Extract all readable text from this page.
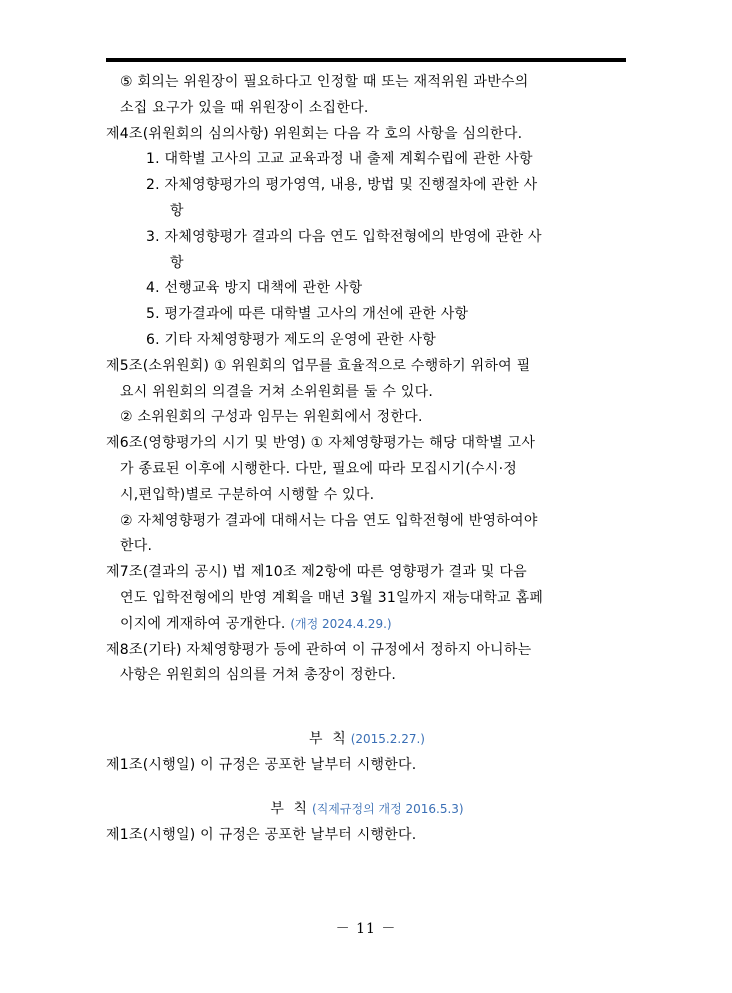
⑤ 회의는 위원장이 필요하다고 인정할 때 또는 재적위원 과반수의
소집 요구가 있을 때 위원장이 소집한다.
제4조(위원회의 심의사항) 위원회는 다음 각 호의 사항을 심의한다.
1. 대학별 고사의 고교 교육과정 내 출제 계획수립에 관한 사항
2. 자체영향평가의 평가영역, 내용, 방법 및 진행절차에 관한 사
항
3. 자체영향평가 결과의 다음 연도 입학전형에의 반영에 관한 사
항
4. 선행교육 방지 대책에 관한 사항
5. 평가결과에 따른 대학별 고사의 개선에 관한 사항
6. 기타 자체영향평가 제도의 운영에 관한 사항
제5조(소위원회) ① 위원회의 업무를 효율적으로 수행하기 위하여 필
요시 위원회의 의결을 거쳐 소위원회를 둘 수 있다.
② 소위원회의 구성과 임무는 위원회에서 정한다.
제6조(영향평가의 시기 및 반영) ① 자체영향평가는 해당 대학별 고사
가 종료된 이후에 시행한다. 다만, 필요에 따라 모집시기(수시·정
시,편입학)별로 구분하여 시행할 수 있다.
② 자체영향평가 결과에 대해서는 다음 연도 입학전형에 반영하여야
한다.
제7조(결과의 공시) 법 제10조 제2항에 따른 영향평가 결과 및 다음
연도 입학전형에의 반영 계획을 매년 3월 31일까지 재능대학교 홈페
이지에 게재하여 공개한다. (개정 2024.4.29.)
제8조(기타) 자체영향평가 등에 관하여 이 규정에서 정하지 아니하는
사항은 위원회의 심의를 거쳐 총장이 정한다.
부  칙 (2015.2.27.)
제1조(시행일) 이 규정은 공포한 날부터 시행한다.
부  칙 (직제규정의 개정 2016.5.3)
제1조(시행일) 이 규정은 공포한 날부터 시행한다.
－ 11 －
